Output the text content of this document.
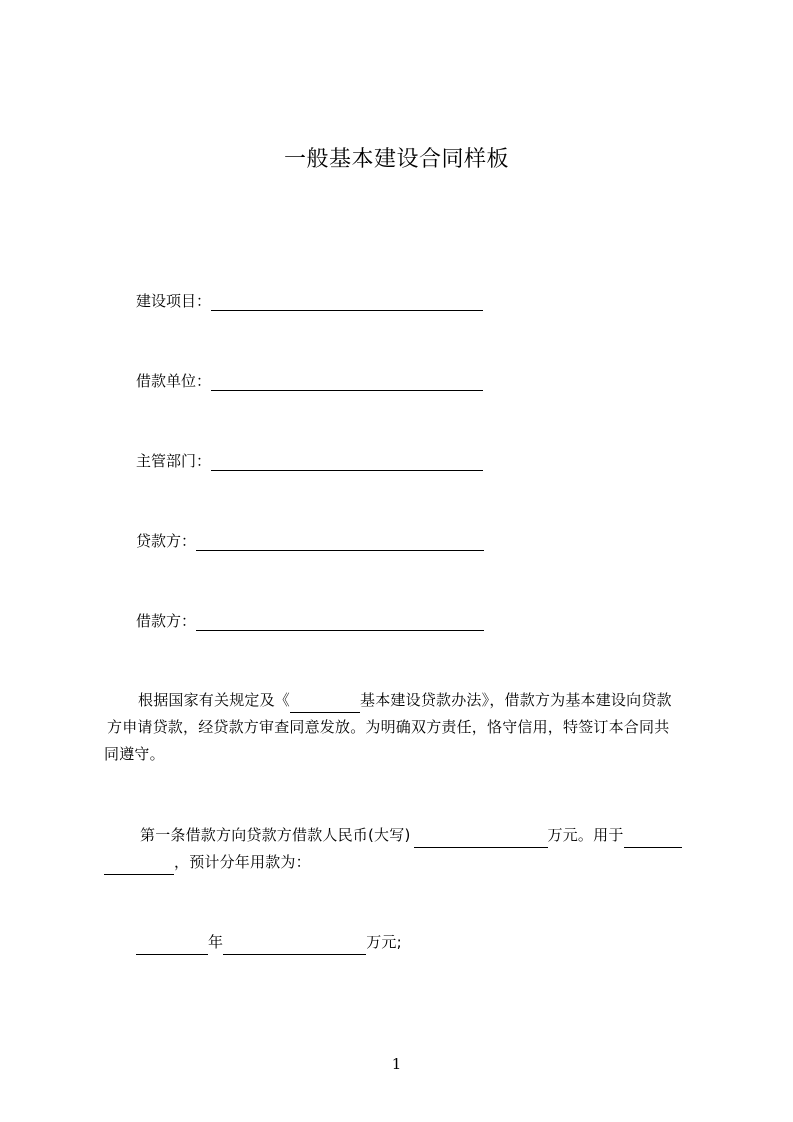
一般基本建设合同样板
建设项目：
借款单位：
主管部门：
贷款方：
借款方：
根据国家有关规定及《	基本建设贷款办法》，借款方为基本建设向贷款
方申请贷款，经贷款方审查同意发放。为明确双方责任，恪守信用，特签订本合同共
同遵守。
第一条借款方向贷款方借款人民币(大写)	万元。用于
，预计分年用款为：
年	万元;
1
